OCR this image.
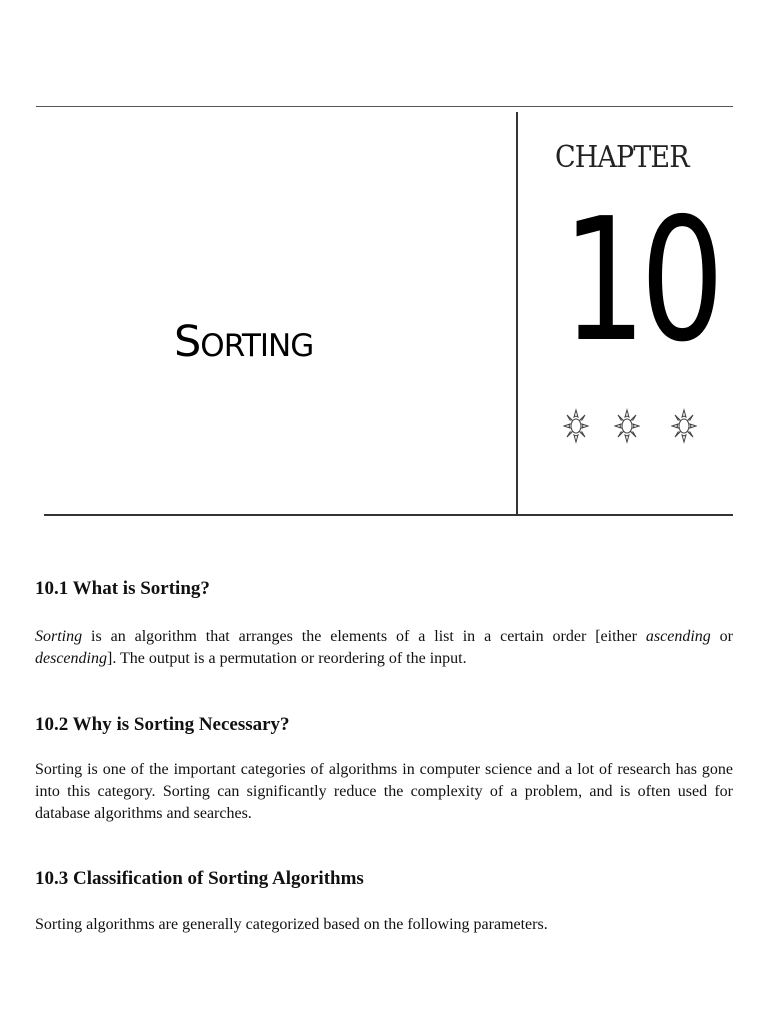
sorting
CHAPTER
10
10.1 What is Sorting?

Sorting is an algorithm that arranges the elements of a list in a certain order [either ascending or descending]. The output is a permutation or reordering of the input.

10.2 Why is Sorting Necessary?

Sorting is one of the important categories of algorithms in computer science and a lot of research has gone into this category. Sorting can significantly reduce the complexity of a problem, and is often used for database algorithms and searches.

10.3 Classification of Sorting Algorithms

Sorting algorithms are generally categorized based on the following parameters.
